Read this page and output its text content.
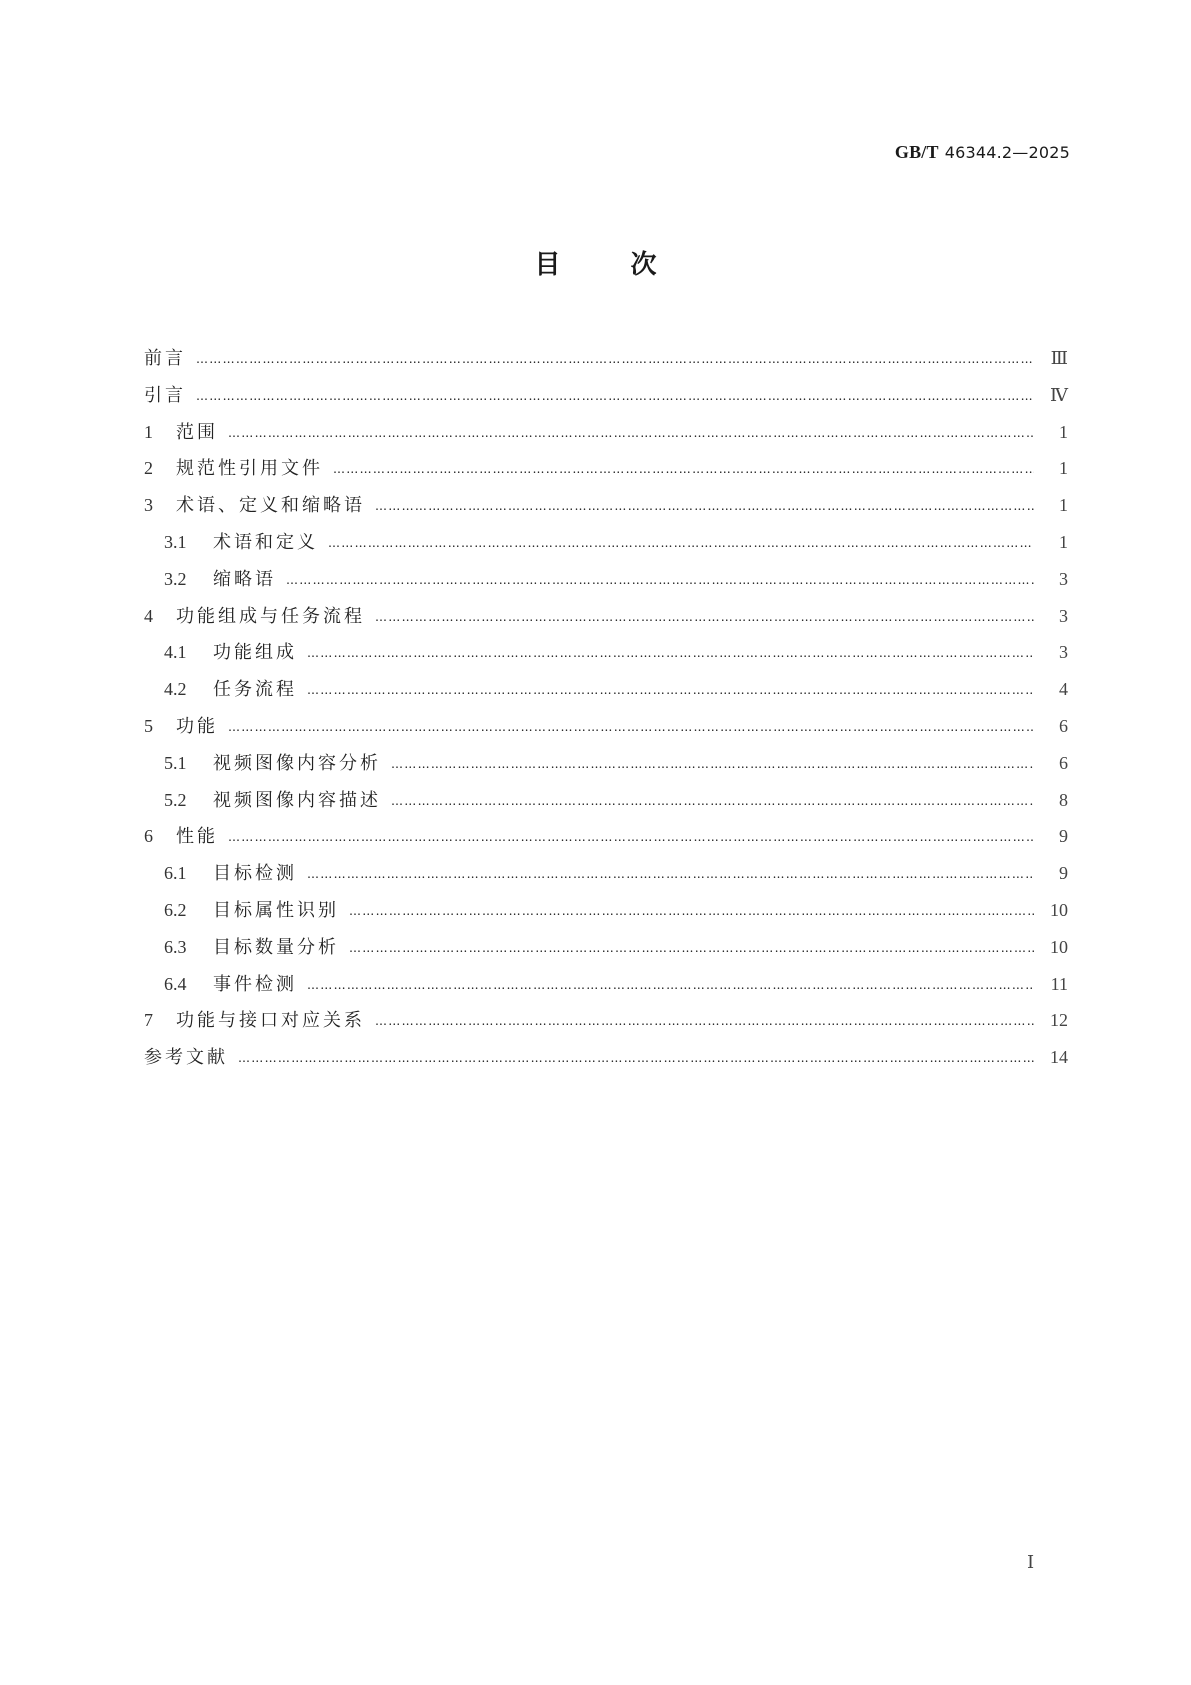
GB/T 46344.2—2025
目次
前言 ……………………………………………………………………………………………………………………………………………………………………………………………………………………………………………………………	Ⅲ
引言 ……………………………………………………………………………………………………………………………………………………………………………………………………………………………………………………………	Ⅳ
1	范围 ……………………………………………………………………………………………………………………………………………………………………………………………………………………………………………………………	1
2	规范性引用文件 ……………………………………………………………………………………………………………………………………………………………………………………………………………………………………………………………	1
3	术语、定义和缩略语 ……………………………………………………………………………………………………………………………………………………………………………………………………………………………………………………………	1
3.1	术语和定义 ……………………………………………………………………………………………………………………………………………………………………………………………………………………………………………………………	1
3.2	缩略语 ……………………………………………………………………………………………………………………………………………………………………………………………………………………………………………………………	3
4	功能组成与任务流程 ……………………………………………………………………………………………………………………………………………………………………………………………………………………………………………………………	3
4.1	功能组成 ……………………………………………………………………………………………………………………………………………………………………………………………………………………………………………………………	3
4.2	任务流程 ……………………………………………………………………………………………………………………………………………………………………………………………………………………………………………………………	4
5	功能 ……………………………………………………………………………………………………………………………………………………………………………………………………………………………………………………………	6
5.1	视频图像内容分析 ……………………………………………………………………………………………………………………………………………………………………………………………………………………………………………………………	6
5.2	视频图像内容描述 ……………………………………………………………………………………………………………………………………………………………………………………………………………………………………………………………	8
6	性能 ……………………………………………………………………………………………………………………………………………………………………………………………………………………………………………………………	9
6.1	目标检测 ……………………………………………………………………………………………………………………………………………………………………………………………………………………………………………………………	9
6.2	目标属性识别 ……………………………………………………………………………………………………………………………………………………………………………………………………………………………………………………………	10
6.3	目标数量分析 ……………………………………………………………………………………………………………………………………………………………………………………………………………………………………………………………	10
6.4	事件检测 ……………………………………………………………………………………………………………………………………………………………………………………………………………………………………………………………	11
7	功能与接口对应关系 ……………………………………………………………………………………………………………………………………………………………………………………………………………………………………………………………	12
参考文献 ……………………………………………………………………………………………………………………………………………………………………………………………………………………………………………………………	14
Ⅰ
